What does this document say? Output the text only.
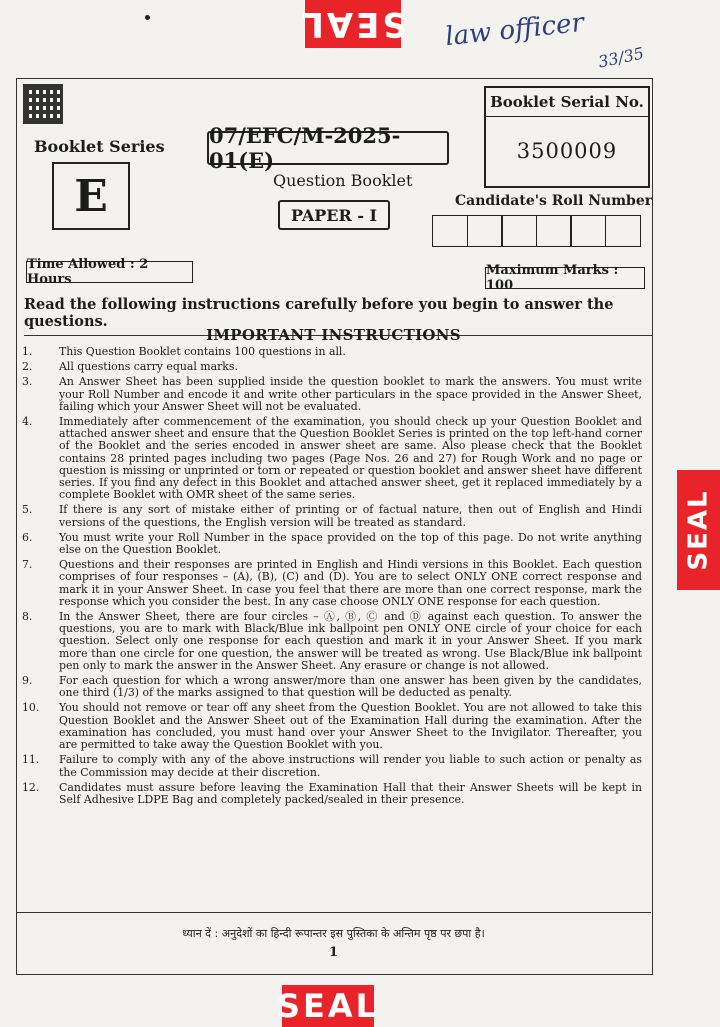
SEAL law officer
33/35
Booklet Series
E
07/EFC/M-2025-01(E)
Question Booklet
PAPER - I
Booklet Serial No.
3500009
Candidate's Roll Number
Time Allowed : 2 Hours
Maximum Marks : 100
Read the following instructions carefully before you begin to answer the questions.
IMPORTANT INSTRUCTIONS
1.	This Question Booklet contains 100 questions in all.
2.	All questions carry equal marks.
3.	An Answer Sheet has been supplied inside the question booklet to mark the answers. You must write your Roll Number and encode it and write other particulars in the space provided in the Answer Sheet, failing which your Answer Sheet will not be evaluated.
4.	Immediately after commencement of the examination, you should check up your Question Booklet and attached answer sheet and ensure that the Question Booklet Series is printed on the top left-hand corner of the Booklet and the series encoded in answer sheet are same. Also please check that the Booklet contains 28 printed pages including two pages (Page Nos. 26 and 27) for Rough Work and no page or question is missing or unprinted or torn or repeated or question booklet and answer sheet have different series. If you find any defect in this Booklet and attached answer sheet, get it replaced immediately by a complete Booklet with OMR sheet of the same series.
5.	If there is any sort of mistake either of printing or of factual nature, then out of English and Hindi versions of the questions, the English version will be treated as standard.
6.	You must write your Roll Number in the space provided on the top of this page. Do not write anything else on the Question Booklet.
7.	Questions and their responses are printed in English and Hindi versions in this Booklet. Each question comprises of four responses – (A), (B), (C) and (D). You are to select ONLY ONE correct response and mark it in your Answer Sheet. In case you feel that there are more than one correct response, mark the response which you consider the best. In any case choose ONLY ONE response for each question.
8.	In the Answer Sheet, there are four circles – Ⓐ, Ⓑ, Ⓒ and Ⓓ against each question. To answer the questions, you are to mark with Black/Blue ink ballpoint pen ONLY ONE circle of your choice for each question. Select only one response for each question and mark it in your Answer Sheet. If you mark more than one circle for one question, the answer will be treated as wrong. Use Black/Blue ink ballpoint pen only to mark the answer in the Answer Sheet. Any erasure or change is not allowed.
9.	For each question for which a wrong answer/more than one answer has been given by the candidates, one third (1/3) of the marks assigned to that question will be deducted as penalty.
10.	You should not remove or tear off any sheet from the Question Booklet. You are not allowed to take this Question Booklet and the Answer Sheet out of the Examination Hall during the examination. After the examination has concluded, you must hand over your Answer Sheet to the Invigilator. Thereafter, you are permitted to take away the Question Booklet with you.
11.	Failure to comply with any of the above instructions will render you liable to such action or penalty as the Commission may decide at their discretion.
12.	Candidates must assure before leaving the Examination Hall that their Answer Sheets will be kept in Self Adhesive LDPE Bag and completely packed/sealed in their presence.
SEAL
ध्यान दें : अनुदेशों का हिन्दी रूपान्तर इस पुस्तिका के अन्तिम पृष्ठ पर छपा है।
1
SEAL
